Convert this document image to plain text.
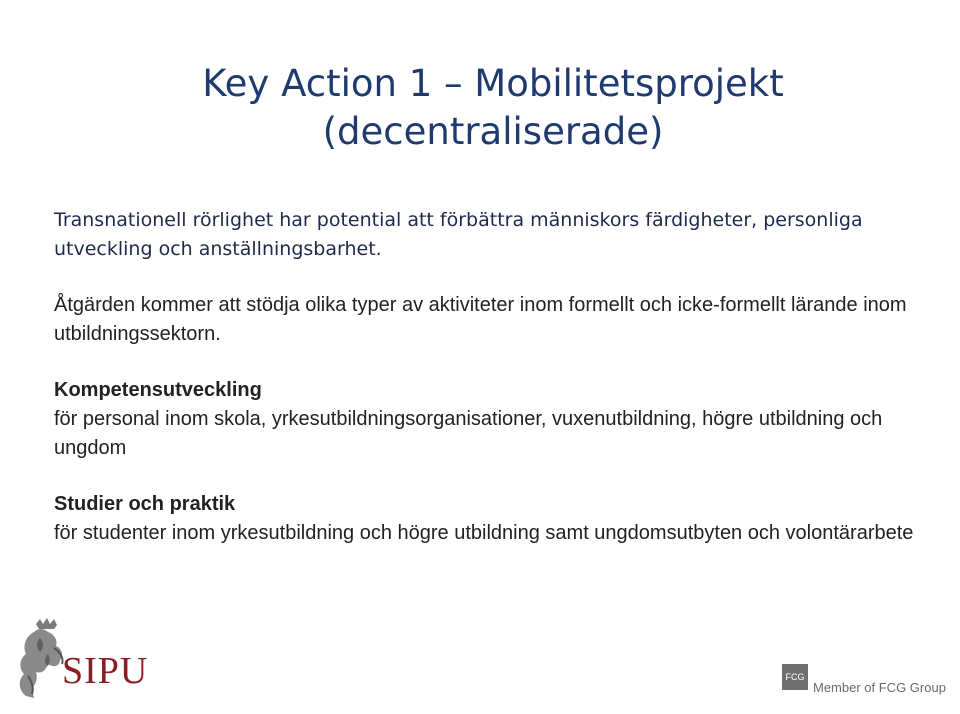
Key Action 1 – Mobilitetsprojekt
(decentraliserade)

Transnationell rörlighet har potential att förbättra människors färdigheter, personliga utveckling och anställningsbarhet.

Åtgärden kommer att stödja olika typer av aktiviteter inom formellt och icke-formellt lärande inom utbildningssektorn.

Kompetensutveckling
för personal inom skola, yrkesutbildningsorganisationer, vuxenutbildning, högre utbildning och ungdom

Studier och praktik
för studenter inom yrkesutbildning och högre utbildning samt ungdomsutbyten och volontärarbete

SIPU	FCG
Member of FCG Group
